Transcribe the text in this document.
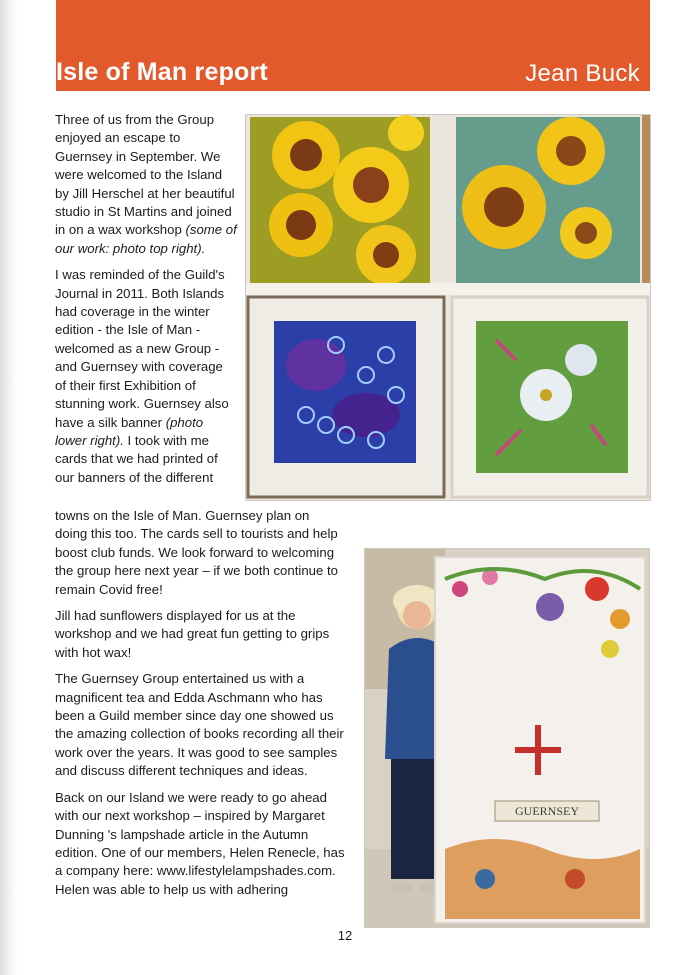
Isle of Man report	Jean Buck

Three of us from the Group enjoyed an escape to Guernsey in September. We were welcomed to the Island by Jill Herschel at her beautiful studio in St Martins and joined in on a wax workshop (some of our work: photo top right).

I was reminded of the Guild's Journal in 2011. Both Islands had coverage in the winter edition - the Isle of Man - welcomed as a new Group - and Guernsey with coverage of their first Exhibition of stunning work. Guernsey also have a silk banner (photo lower right). I took with me cards that we had printed of our banners of the different

towns on the Isle of Man. Guernsey plan on doing this too. The cards sell to tourists and help boost club funds. We look forward to welcoming the group here next year – if we both continue to remain Covid free!

Jill had sunflowers displayed for us at the workshop and we had great fun getting to grips with hot wax!

The Guernsey Group entertained us with a magnificent tea and Edda Aschmann who has been a Guild member since day one showed us the amazing collection of books recording all their work over the years. It was good to see samples and discuss different techniques and ideas.

Back on our Island we were ready to go ahead with our next workshop – inspired by Margaret Dunning 's lampshade article in the Autumn edition. One of our members, Helen Renecle, has a company here: www.lifestylelampshades.com. Helen was able to help us with adhering

GUERNSEY
12
